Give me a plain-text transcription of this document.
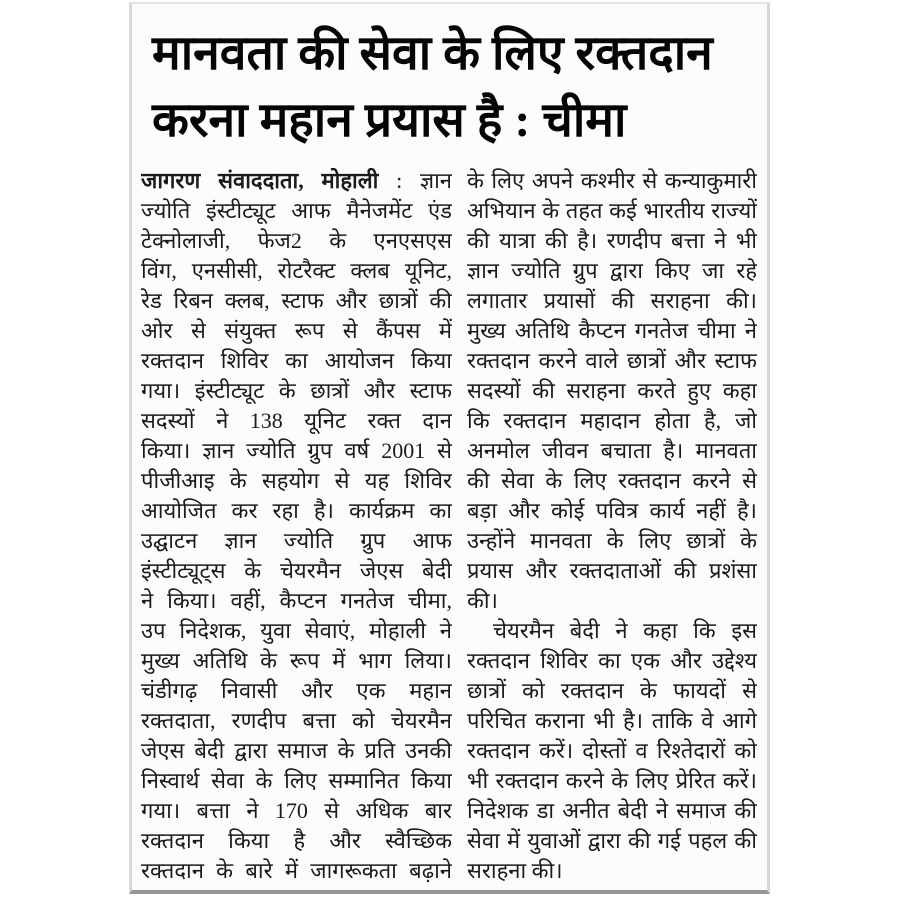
मानवता की सेवा के लिए रक्तदान
करना महान प्रयास है : चीमा
जागरण संवाददाता, मोहाली : ज्ञान
ज्योति इंस्टीट्यूट आफ मैनेजमेंट एंड
टेक्नोलाजी, फेज2 के एनएसएस
विंग, एनसीसी, रोटरैक्ट क्लब यूनिट,
रेड रिबन क्लब, स्टाफ और छात्रों की
ओर से संयुक्त रूप से कैंपस में
रक्तदान शिविर का आयोजन किया
गया। इंस्टीट्यूट के छात्रों और स्टाफ
सदस्यों ने 138 यूनिट रक्त दान
किया। ज्ञान ज्योति ग्रुप वर्ष 2001 से
पीजीआइ के सहयोग से यह शिविर
आयोजित कर रहा है। कार्यक्रम का
उद्घाटन ज्ञान ज्योति ग्रुप आफ
इंस्टीट्यूट्स के चेयरमैन जेएस बेदी
ने किया। वहीं, कैप्टन गनतेज चीमा,
उप निदेशक, युवा सेवाएं, मोहाली ने
मुख्य अतिथि के रूप में भाग लिया।
चंडीगढ़ निवासी और एक महान
रक्तदाता, रणदीप बत्ता को चेयरमैन
जेएस बेदी द्वारा समाज के प्रति उनकी
निस्वार्थ सेवा के लिए सम्मानित किया
गया। बत्ता ने 170 से अधिक बार
रक्तदान किया है और स्वैच्छिक
रक्तदान के बारे में जागरूकता बढ़ाने
के लिए अपने कश्मीर से कन्याकुमारी
अभियान के तहत कई भारतीय राज्यों
की यात्रा की है। रणदीप बत्ता ने भी
ज्ञान ज्योति ग्रुप द्वारा किए जा रहे
लगातार प्रयासों की सराहना की।
मुख्य अतिथि कैप्टन गनतेज चीमा ने
रक्तदान करने वाले छात्रों और स्टाफ
सदस्यों की सराहना करते हुए कहा
कि रक्तदान महादान होता है, जो
अनमोल जीवन बचाता है। मानवता
की सेवा के लिए रक्तदान करने से
बड़ा और कोई पवित्र कार्य नहीं है।
उन्होंने मानवता के लिए छात्रों के
प्रयास और रक्तदाताओं की प्रशंसा
की।
चेयरमैन बेदी ने कहा कि इस
रक्तदान शिविर का एक और उद्देश्य
छात्रों को रक्तदान के फायदों से
परिचित कराना भी है। ताकि वे आगे
रक्तदान करें। दोस्तों व रिश्तेदारों को
भी रक्तदान करने के लिए प्रेरित करें।
निदेशक डा अनीत बेदी ने समाज की
सेवा में युवाओं द्वारा की गई पहल की
सराहना की।
